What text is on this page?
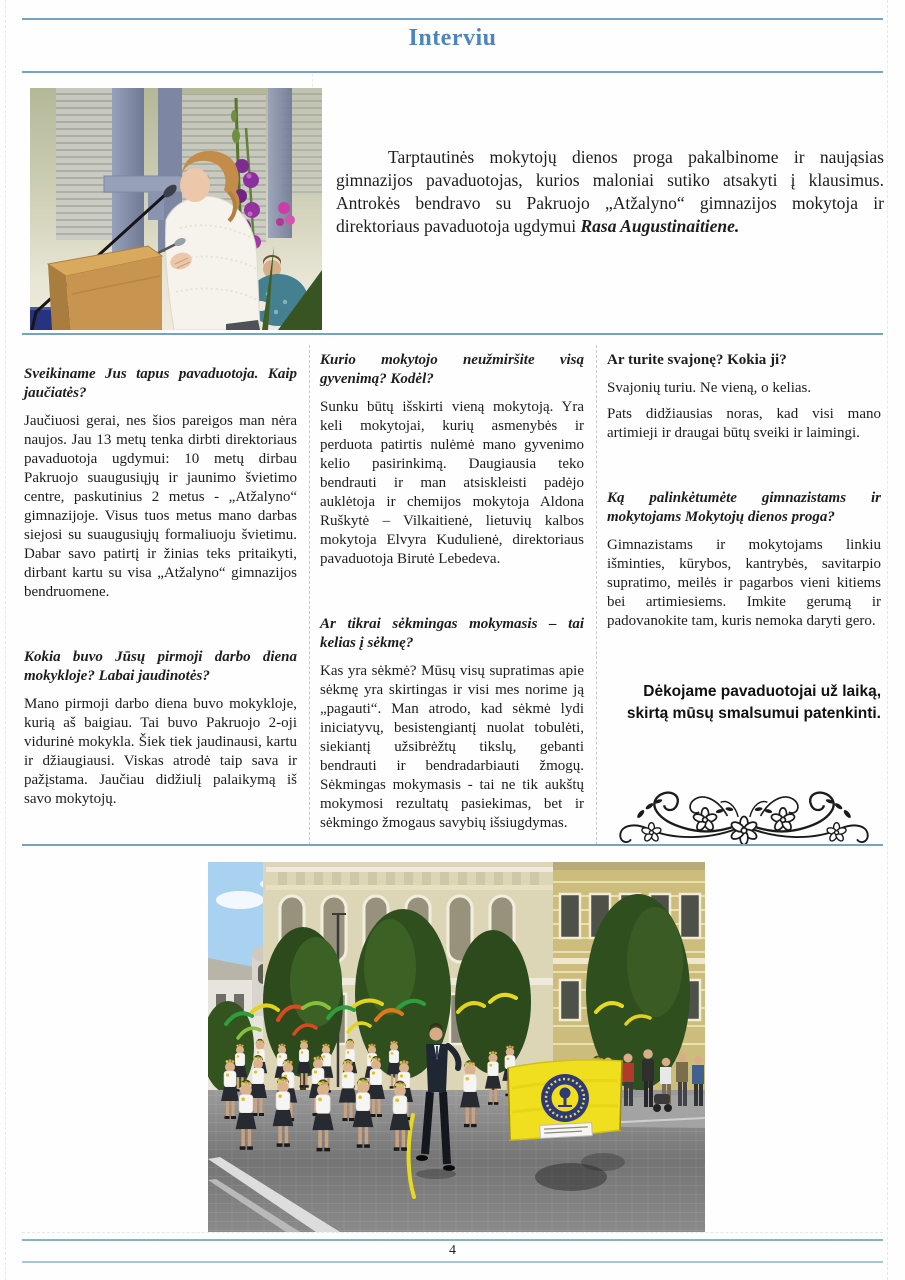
Interviu

Tarptautinės mokytojų dienos proga pakalbinome ir naująsias gimnazijos pavaduotojas, kurios maloniai sutiko atsakyti į klausimus. Antrokės bendravo su Pakruojo „Atžalyno“ gimnazijos mokytoja ir direktoriaus pavaduotoja ugdymui Rasa Augustinaitiene.

Sveikiname Jus tapus pavaduotoja. Kaip jaučiatės?

Jaučiuosi gerai, nes šios pareigos man nėra naujos. Jau 13 metų tenka dirbti direktoriaus pavaduotoja ugdymui: 10 metų dirbau Pakruojo suaugusiųjų ir jaunimo švietimo centre, paskutinius 2 metus - „Atžalyno“ gimnazijoje. Visus tuos metus mano darbas siejosi su suaugusiųjų formaliuoju švietimu. Dabar savo patirtį ir žinias teks pritaikyti, dirbant kartu su visa „Atžalyno“ gimnazijos bendruomene.

Kokia buvo Jūsų pirmoji darbo diena mokykloje? Labai jaudinotės?

Mano pirmoji darbo diena buvo mokykloje, kurią aš baigiau. Tai buvo Pakruojo 2-oji vidurinė mokykla. Šiek tiek jaudinausi, kartu ir džiaugiausi. Viskas atrodė taip sava ir pažįstama. Jaučiau didžiulį palaikymą iš savo mokytojų.

Kurio mokytojo neužmiršite visą gyvenimą? Kodėl?

Sunku būtų išskirti vieną mokytoją. Yra keli mokytojai, kurių asmenybės ir perduota patirtis nulėmė mano gyvenimo kelio pasirinkimą. Daugiausia teko bendrauti ir man atsiskleisti padėjo auklėtoja ir chemijos mokytoja Aldona Ruškytė – Vilkaitienė, lietuvių kalbos mokytoja Elvyra Kudulienė, direktoriaus pavaduotoja Birutė Lebedeva.

Ar tikrai sėkmingas mokymasis – tai kelias į sėkmę?

Kas yra sėkmė? Mūsų visų supratimas apie sėkmę yra skirtingas ir visi mes norime ją „pagauti“. Man atrodo, kad sėkmė lydi iniciatyvų, besistengiantį nuolat tobulėti, siekiantį užsibrėžtų tikslų, gebanti bendrauti ir bendradarbiauti žmogų. Sėkmingas mokymasis - tai ne tik aukštų mokymosi rezultatų pasiekimas, bet ir sėkmingo žmogaus savybių išsiugdymas.

Ar turite svajonę? Kokia ji?

Svajonių turiu. Ne vieną, o kelias.

Pats didžiausias noras, kad visi mano artimieji ir draugai būtų sveiki ir laimingi.

Ką palinkėtumėte gimnazistams ir mokytojams Mokytojų dienos proga?

Gimnazistams ir mokytojams linkiu išminties, kūrybos, kantrybės, savitarpio supratimo, meilės ir pagarbos vieni kitiems bei artimiesiems. Imkite gerumą ir padovanokite tam, kuris nemoka daryti gero.

Dėkojame pavaduotojai už laiką, skirtą mūsų smalsumui patenkinti.
4
